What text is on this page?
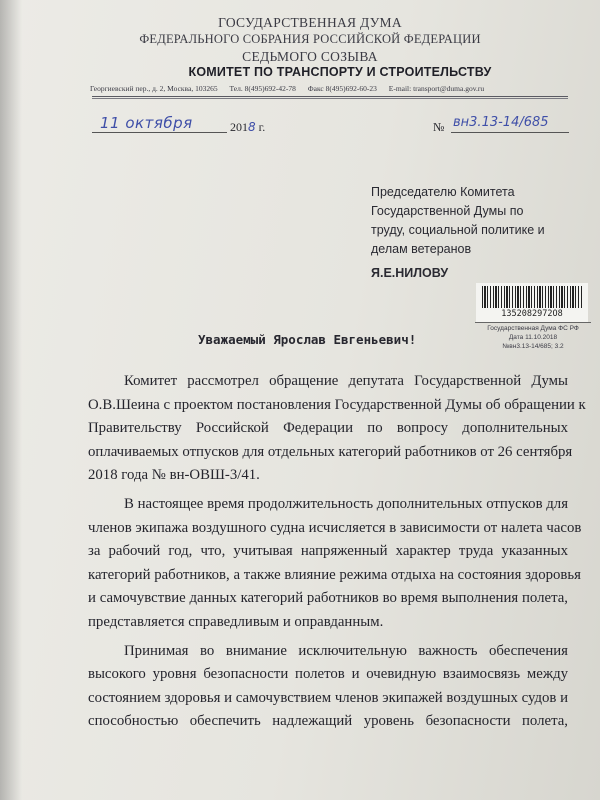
ГОСУДАРСТВЕННАЯ ДУМА
ФЕДЕРАЛЬНОГО СОБРАНИЯ РОССИЙСКОЙ ФЕДЕРАЦИИ
СЕДЬМОГО СОЗЫВА
КОМИТЕТ ПО ТРАНСПОРТУ И СТРОИТЕЛЬСТВУ
Георгиевский пер., д. 2, Москва, 103265 Тел. 8(495)692-42-78 Факс 8(495)692-60-23 E-mail: transport@duma.gov.ru
11 октября	2018 г.	№ вн3.13-14/685
Председателю Комитета
Государственной Думы по
труду, социальной политике и
делам ветеранов
Я.Е.НИЛОВУ
1352082972O8
Государственная Дума ФС РФ
Дата 11.10.2018
№вн3.13-14/685; 3.2
Уважаемый Ярослав Евгеньевич!

Комитет рассмотрел обращение депутата Государственной Думы
О.В.Шеина с проектом постановления Государственной Думы об обращении к
Правительству Российской Федерации по вопросу дополнительных
оплачиваемых отпусков для отдельных категорий работников от 26 сентября
2018 года № вн-ОВШ-3/41.

В настоящее время продолжительность дополнительных отпусков для
членов экипажа воздушного судна исчисляется в зависимости от налета часов
за рабочий год, что, учитывая напряженный характер труда указанных
категорий работников, а также влияние режима отдыха на состояния здоровья
и самочувствие данных категорий работников во время выполнения полета,
представляется справедливым и оправданным.

Принимая во внимание исключительную важность обеспечения
высокого уровня безопасности полетов и очевидную взаимосвязь между
состоянием здоровья и самочувствием членов экипажей воздушных судов и
способностью обеспечить надлежащий уровень безопасности полета,
